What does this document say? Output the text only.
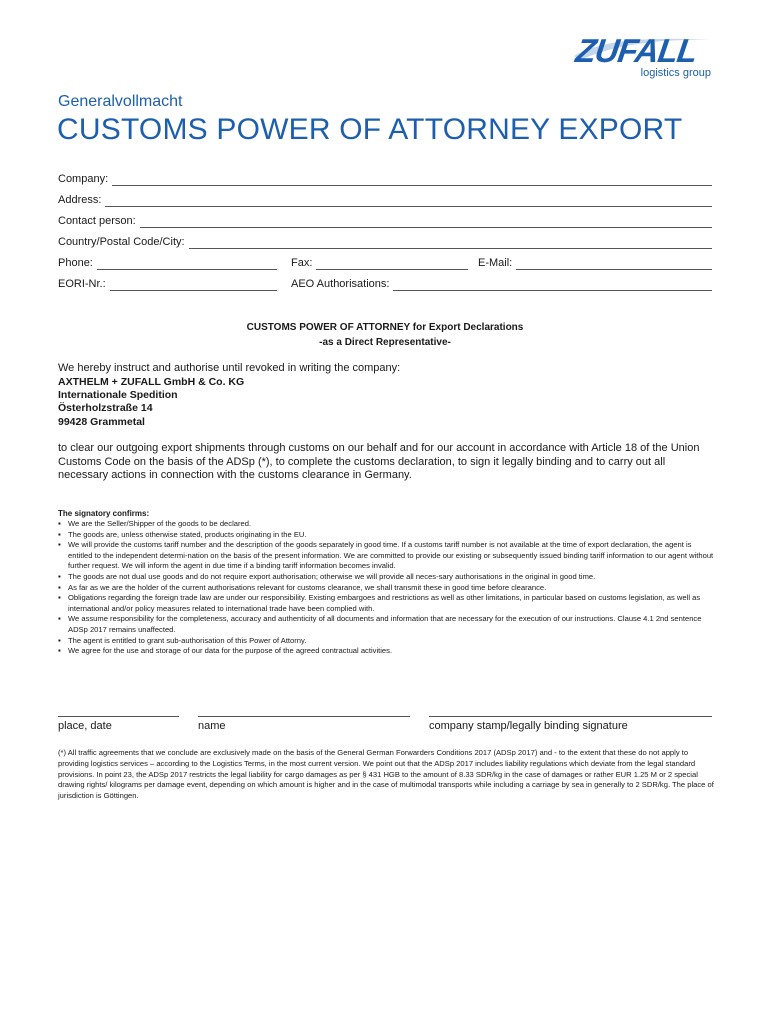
ZUFALL
logistics group
Generalvollmacht
CUSTOMS POWER OF ATTORNEY EXPORT
Company:
Address:
Contact person:
Country/Postal Code/City:
Phone:	Fax:	E-Mail:
EORI-Nr.:	AEO Authorisations:
CUSTOMS POWER OF ATTORNEY for Export Declarations
-as a Direct Representative-
We hereby instruct and authorise until revoked in writing the company:
AXTHELM + ZUFALL GmbH & Co. KG
Internationale Spedition
Österholzstraße 14
99428 Grammetal
to clear our outgoing export shipments through customs on our behalf and for our account in accordance with Article 18 of the Union Customs Code on the basis of the ADSp (*), to complete the customs declaration, to sign it legally binding and to carry out all necessary actions in connection with the customs clearance in Germany.
The signatory confirms:
▪ We are the Seller/Shipper of the goods to be declared.
▪ The goods are, unless otherwise stated, products originating in the EU.
▪ We will provide the customs tariff number and the description of the goods separately in good time. If a customs tariff number is not available at the time of export declaration, the agent is entitled to the independent determi-nation on the basis of the present information. We are committed to provide our existing or subsequently issued binding tariff information to our agent without further request. We will inform the agent in due time if a binding tariff information becomes invalid.
▪ The goods are not dual use goods and do not require export authorisation; otherwise we will provide all neces-sary authorisations in the original in good time.
▪ As far as we are the holder of the current authorisations relevant for customs clearance, we shall transmit these in good time before clearance.
▪ Obligations regarding the foreign trade law are under our responsibility. Existing embargoes and restrictions as well as other limitations, in particular based on customs legislation, as well as international and/or policy measures related to international trade have been complied with.
▪ We assume responsibility for the completeness, accuracy and authenticity of all documents and information that are necessary for the execution of our instructions. Clause 4.1 2nd sentence ADSp 2017 remains unaffected.
▪ The agent is entitled to grant sub-authorisation of this Power of Attorny.
▪ We agree for the use and storage of our data for the purpose of the agreed contractual activities.
place, date	name	company stamp/legally binding signature
(*) All traffic agreements that we conclude are exclusively made on the basis of the General German Forwarders Conditions 2017 (ADSp 2017) and - to the extent that these do not apply to providing logistics services – according to the Logistics Terms, in the most current version. We point out that the ADSp 2017 includes liability regulations which deviate from the legal standard provisions. In point 23, the ADSp 2017 restricts the legal liability for cargo damages as per § 431 HGB to the amount of 8.33 SDR/kg in the case of damages or rather EUR 1.25 M or 2 special drawing rights/ kilograms per damage event, depending on which amount is higher and in the case of multimodal transports while including a carriage by sea in generally to 2 SDR/kg. The place of jurisdiction is Göttingen.
